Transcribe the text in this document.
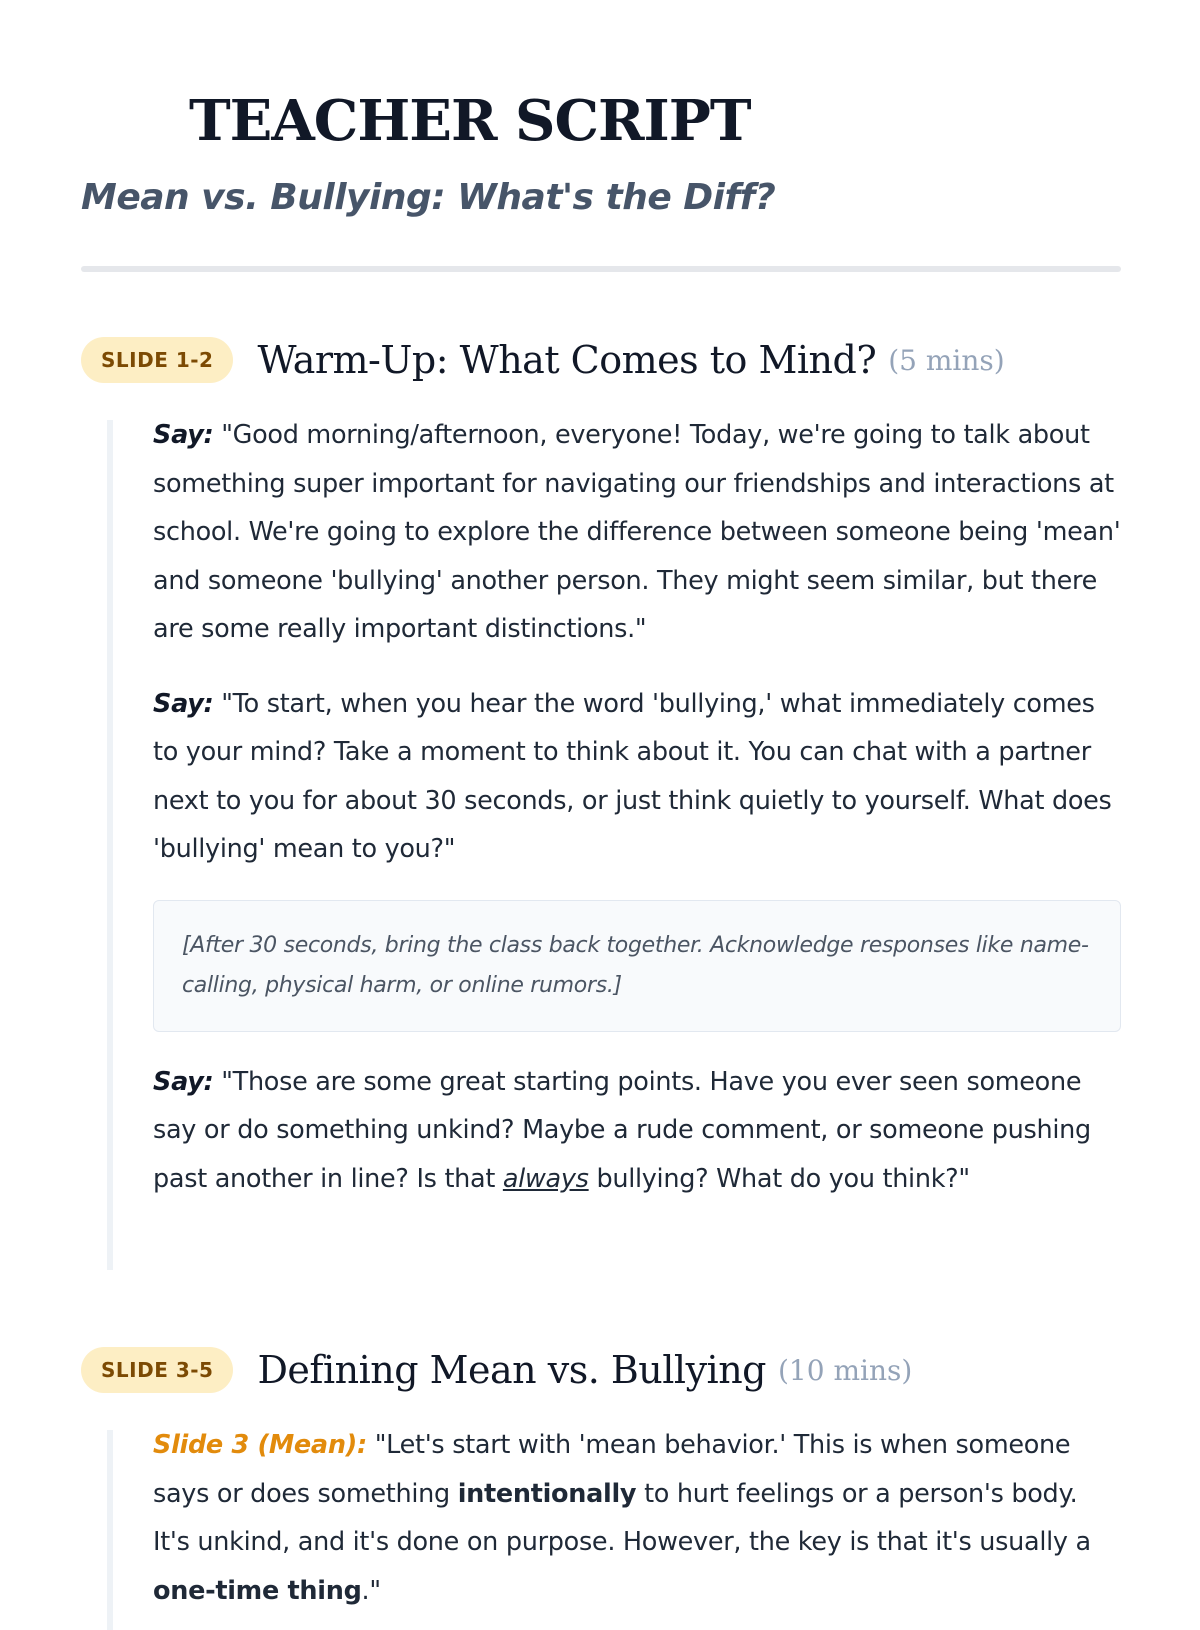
TEACHER SCRIPT
Mean vs. Bullying: What's the Diff?
SLIDE 1-2	Warm-Up: What Comes to Mind? (5 mins)

Say: "Good morning/afternoon, everyone! Today, we're going to talk about something super important for navigating our friendships and interactions at school. We're going to explore the difference between someone being 'mean' and someone 'bullying' another person. They might seem similar, but there are some really important distinctions."

Say: "To start, when you hear the word 'bullying,' what immediately comes to your mind? Take a moment to think about it. You can chat with a partner next to you for about 30 seconds, or just think quietly to yourself. What does 'bullying' mean to you?"

[After 30 seconds, bring the class back together. Acknowledge responses like name-calling, physical harm, or online rumors.]

Say: "Those are some great starting points. Have you ever seen someone say or do something unkind? Maybe a rude comment, or someone pushing past another in line? Is that always bullying? What do you think?"

SLIDE 3-5	Defining Mean vs. Bullying (10 mins)

Slide 3 (Mean): "Let's start with 'mean behavior.' This is when someone says or does something intentionally to hurt feelings or a person's body. It's unkind, and it's done on purpose. However, the key is that it's usually a one-time thing."
